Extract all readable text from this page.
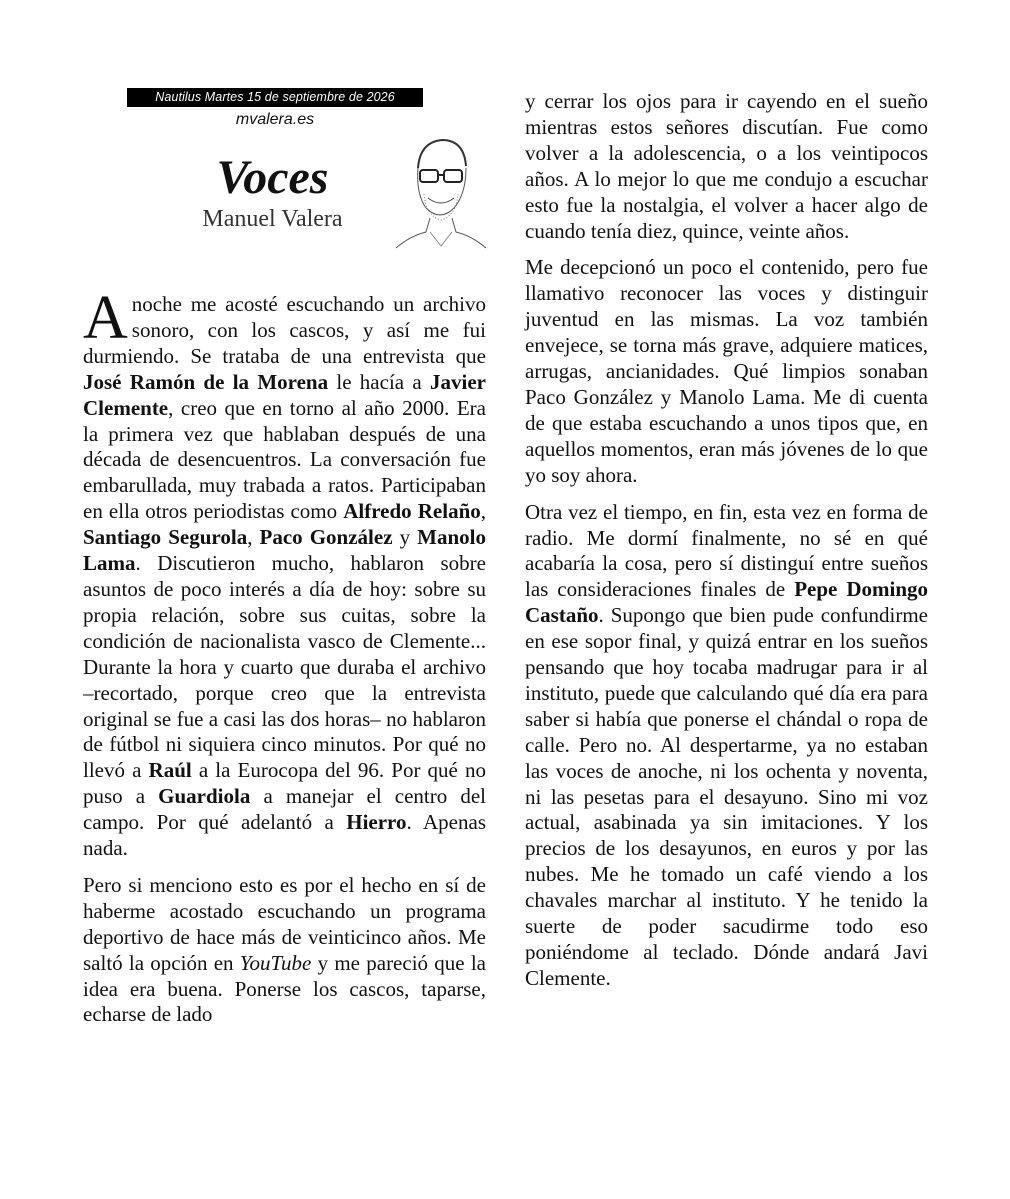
Nautilus Martes 15 de septiembre de 2026
mvalera.es
Voces
Manuel Valera

Anoche me acosté escuchando un archivo sonoro, con los cascos, y así me fui durmiendo. Se trataba de una entrevista que José Ramón de la Morena le hacía a Javier Clemente, creo que en torno al año 2000. Era la primera vez que hablaban después de una década de desencuentros. La conversación fue embarullada, muy trabada a ratos. Participaban en ella otros periodistas como Alfredo Relaño, Santiago Segurola, Paco González y Manolo Lama. Discutieron mucho, hablaron sobre asuntos de poco interés a día de hoy: sobre su propia relación, sobre sus cuitas, sobre la condición de nacionalista vasco de Clemente... Durante la hora y cuarto que duraba el archivo –recortado, porque creo que la entrevista original se fue a casi las dos horas– no hablaron de fútbol ni siquiera cinco minutos. Por qué no llevó a Raúl a la Eurocopa del 96. Por qué no puso a Guardiola a manejar el centro del campo. Por qué adelantó a Hierro. Apenas nada.

Pero si menciono esto es por el hecho en sí de haberme acostado escuchando un programa deportivo de hace más de veinticinco años. Me saltó la opción en YouTube y me pareció que la idea era buena. Ponerse los cascos, taparse, echarse de lado

y cerrar los ojos para ir cayendo en el sueño mientras estos señores discutían. Fue como volver a la adolescencia, o a los veintipocos años. A lo mejor lo que me condujo a escuchar esto fue la nostalgia, el volver a hacer algo de cuando tenía diez, quince, veinte años.

Me decepcionó un poco el contenido, pero fue llamativo reconocer las voces y distinguir juventud en las mismas. La voz también envejece, se torna más grave, adquiere matices, arrugas, ancianidades. Qué limpios sonaban Paco González y Manolo Lama. Me di cuenta de que estaba escuchando a unos tipos que, en aquellos momentos, eran más jóvenes de lo que yo soy ahora.

Otra vez el tiempo, en fin, esta vez en forma de radio. Me dormí finalmente, no sé en qué acabaría la cosa, pero sí distinguí entre sueños las consideraciones finales de Pepe Domingo Castaño. Supongo que bien pude confundirme en ese sopor final, y quizá entrar en los sueños pensando que hoy tocaba madrugar para ir al instituto, puede que calculando qué día era para saber si había que ponerse el chándal o ropa de calle. Pero no. Al despertarme, ya no estaban las voces de anoche, ni los ochenta y noventa, ni las pesetas para el desayuno. Sino mi voz actual, asabinada ya sin imitaciones. Y los precios de los desayunos, en euros y por las nubes. Me he tomado un café viendo a los chavales marchar al instituto. Y he tenido la suerte de poder sacudirme todo eso poniéndome al teclado. Dónde andará Javi Clemente.
